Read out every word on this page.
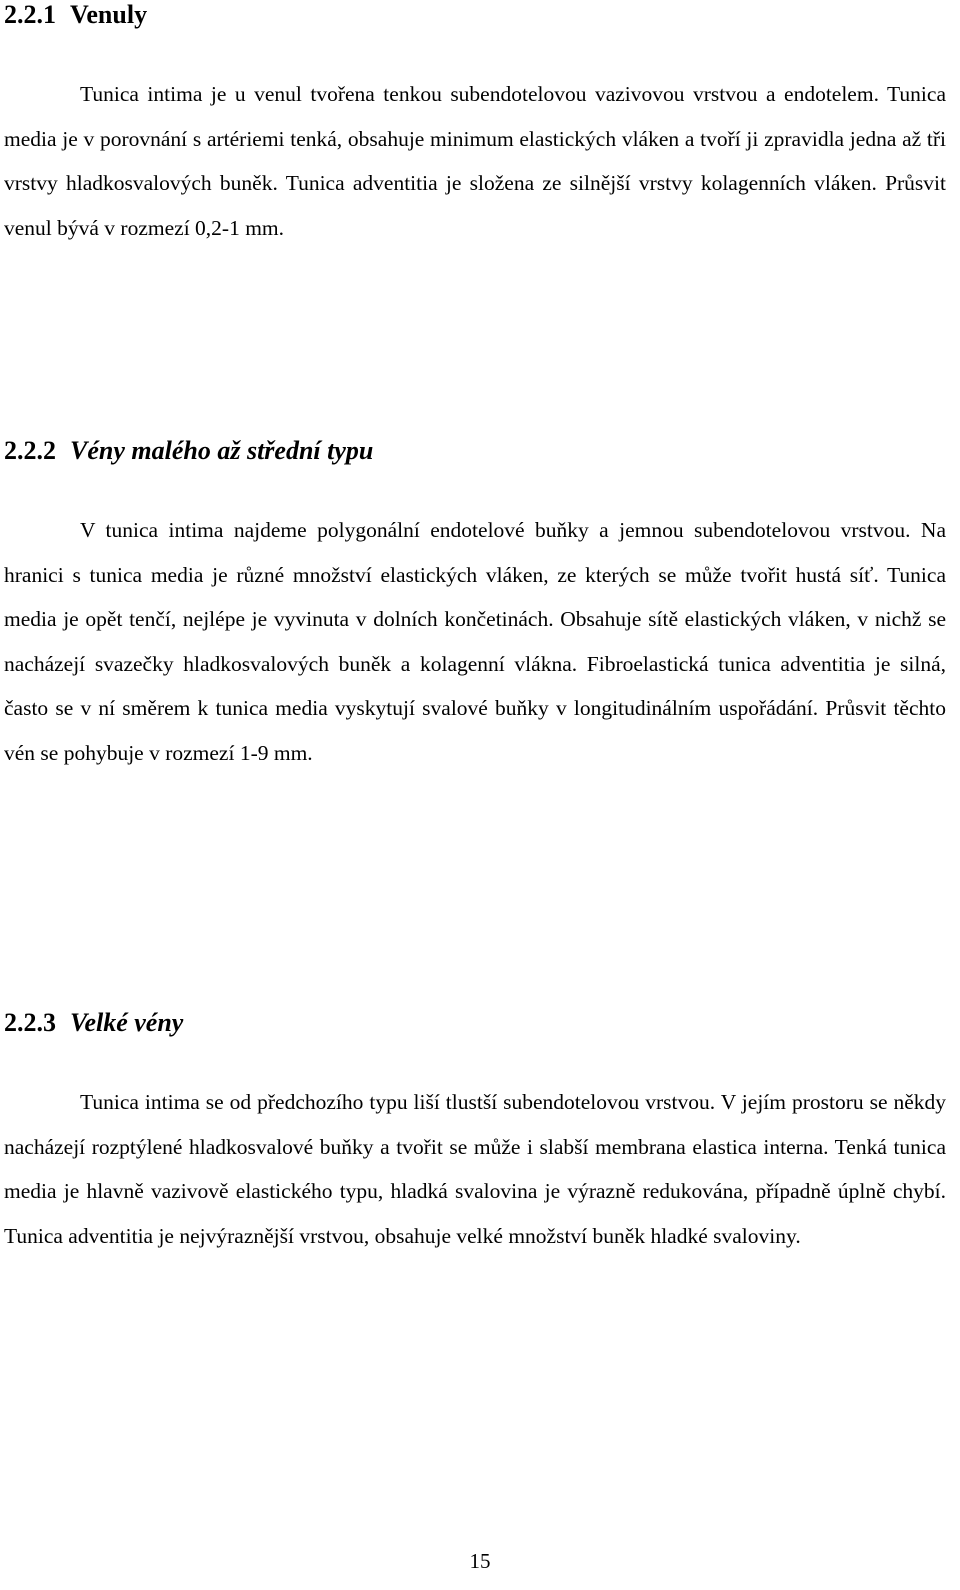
2.2.1 Venuly

Tunica intima je u venul tvořena tenkou subendotelovou vazivovou vrstvou a endotelem. Tunica media je v porovnání s artériemi tenká, obsahuje minimum elastických vláken a tvoří ji zpravidla jedna až tři vrstvy hladkosvalových buněk. Tunica adventitia je složena ze silnější vrstvy kolagenních vláken. Průsvit venul bývá v rozmezí 0,2-1 mm.

2.2.2 Vény malého až střední typu

V tunica intima najdeme polygonální endotelové buňky a jemnou subendotelovou vrstvou. Na hranici s tunica media je různé množství elastických vláken, ze kterých se může tvořit hustá síť. Tunica media je opět tenčí, nejlépe je vyvinuta v dolních končetinách. Obsahuje sítě elastických vláken, v nichž se nacházejí svazečky hladkosvalových buněk a kolagenní vlákna. Fibroelastická tunica adventitia je silná, často se v ní směrem k tunica media vyskytují svalové buňky v longitudinálním uspořádání. Průsvit těchto vén se pohybuje v rozmezí 1-9 mm.

2.2.3 Velké vény

Tunica intima se od předchozího typu liší tlustší subendotelovou vrstvou. V jejím prostoru se někdy nacházejí rozptýlené hladkosvalové buňky a tvořit se může i slabší membrana elastica interna. Tenká tunica media je hlavně vazivově elastického typu, hladká svalovina je výrazně redukována, případně úplně chybí. Tunica adventitia je nejvýraznější vrstvou, obsahuje velké množství buněk hladké svaloviny.

15
